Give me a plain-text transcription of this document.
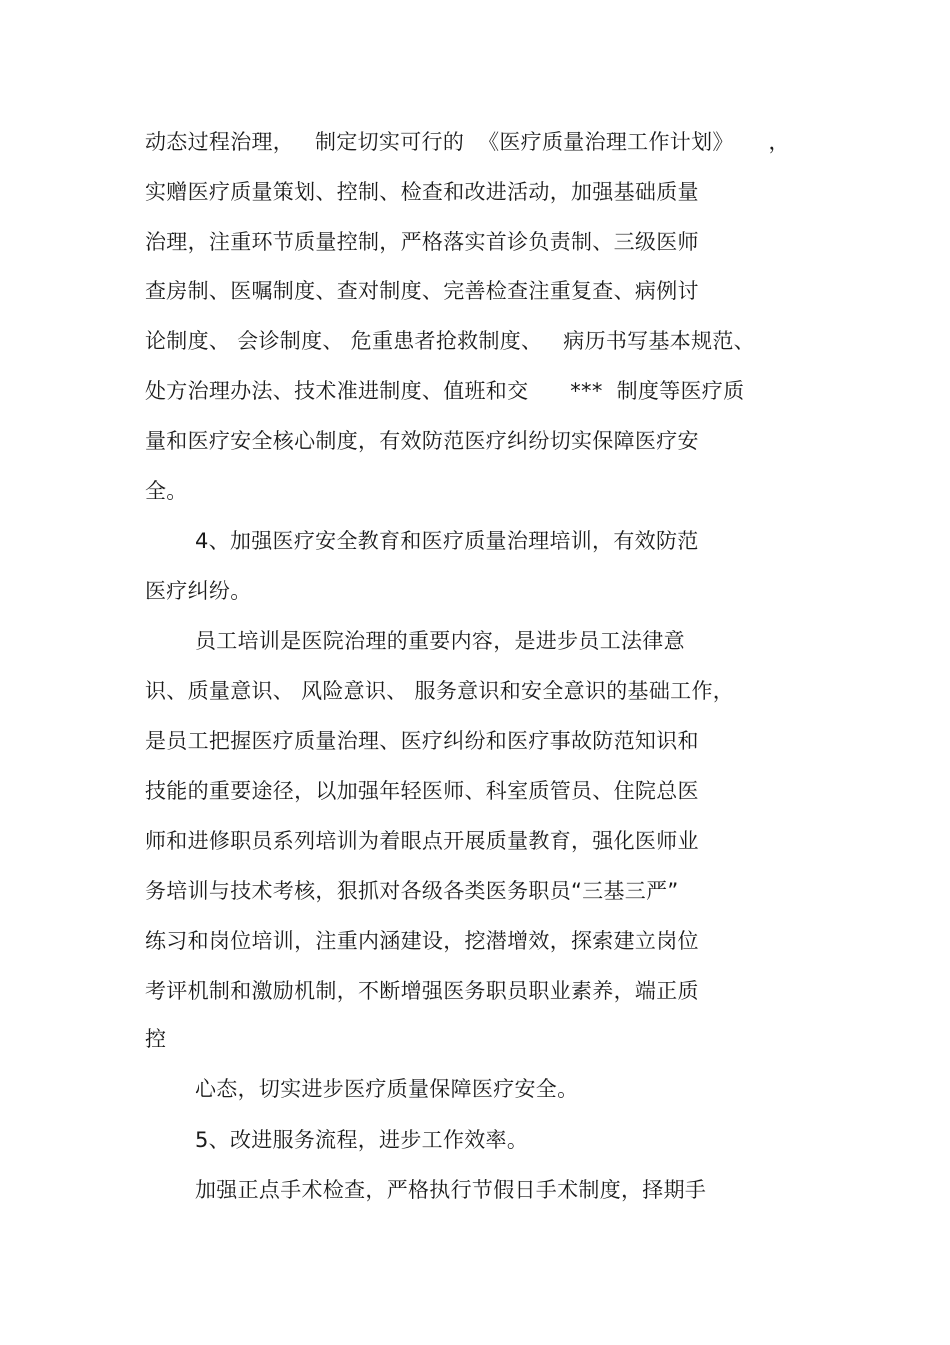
动态过程治理，   制定切实可行的  《医疗质量治理工作计划》     ，
实赠医疗质量策划、控制、检查和改进活动，加强基础质量
治理，注重环节质量控制，严格落实首诊负责制、三级医师
查房制、医嘱制度、查对制度、完善检查注重复查、病例讨
论制度、 会诊制度、 危重患者抢救制度、   病历书写基本规范、
处方治理办法、技术准进制度、值班和交      ***  制度等医疗质
量和医疗安全核心制度，有效防范医疗纠纷切实保障医疗安
全。
4、加强医疗安全教育和医疗质量治理培训，有效防范
医疗纠纷。
员工培训是医院治理的重要内容，是进步员工法律意
识、质量意识、 风险意识、 服务意识和安全意识的基础工作，
是员工把握医疗质量治理、医疗纠纷和医疗事故防范知识和
技能的重要途径，以加强年轻医师、科室质管员、住院总医
师和进修职员系列培训为着眼点开展质量教育，强化医师业
务培训与技术考核，狠抓对各级各类医务职员“三基三严”
练习和岗位培训，注重内涵建设，挖潜增效，探索建立岗位
考评机制和激励机制，不断增强医务职员职业素养，端正质
控
心态，切实进步医疗质量保障医疗安全。
5、改进服务流程，进步工作效率。
加强正点手术检查，严格执行节假日手术制度，择期手
